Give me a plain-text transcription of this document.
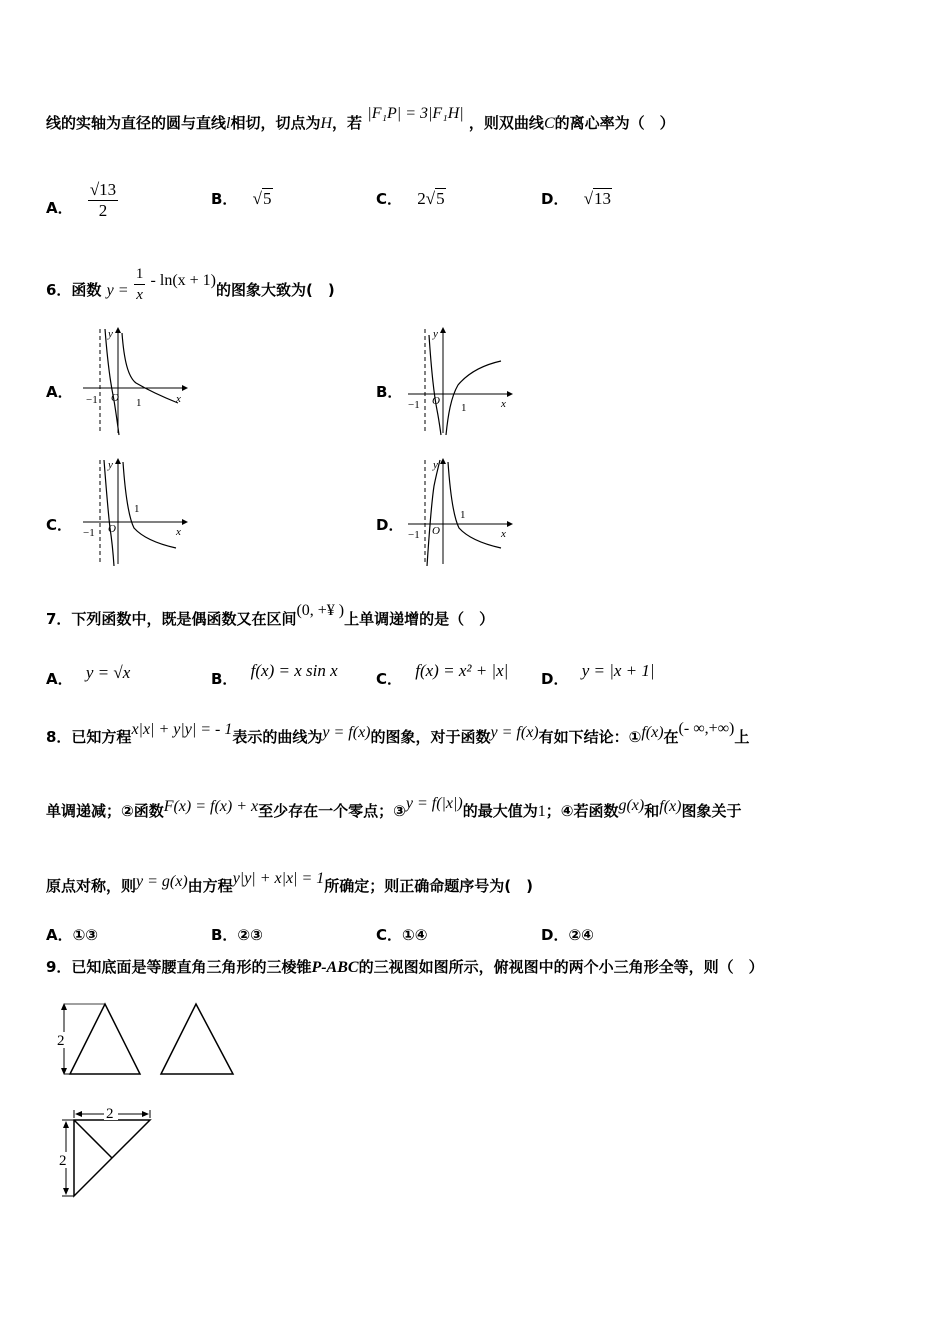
线的实轴为直径的圆与直线l相切，切点为H，若 |F₁P| = 3|F₁H| ，则双曲线C的离心率为（　）
A． $\frac{√13}{2}$	B． √5	C． 2√5	D． √13
6．函数 $y = \frac{1}{x} - \ln(x + 1)$的图象大致为(　)
A．
y
x
−1 O 1
B．
y
x
−1 O
1
C．
y
x
−1 O
1
D．
y
x
−1 O
1
7．下列函数中，既是偶函数又在区间(0, +¥ )上单调递增的是（　）
A． y = √x	B． f(x) = x sin x	C． f(x) = x² + |x| D． y = |x + 1|
8．已知方程x|x| + y|y| = - 1表示的曲线为y = f(x)的图象，对于函数y = f(x)有如下结论：①f(x)在(- ∞,+∞)上
单调递减；②函数F(x) = f(x) + x至少存在一个零点；③y = f(|x|)的最大值为1；④若函数g(x)和f(x)图象关于
原点对称，则y = g(x)由方程y|y| + x|x| = 1所确定；则正确命题序号为(　)
A．①③	B．②③	C．①④	D．②④
9．已知底面是等腰直角三角形的三棱锥P-ABC的三视图如图所示，俯视图中的两个小三角形全等，则（　）
2
2
2
